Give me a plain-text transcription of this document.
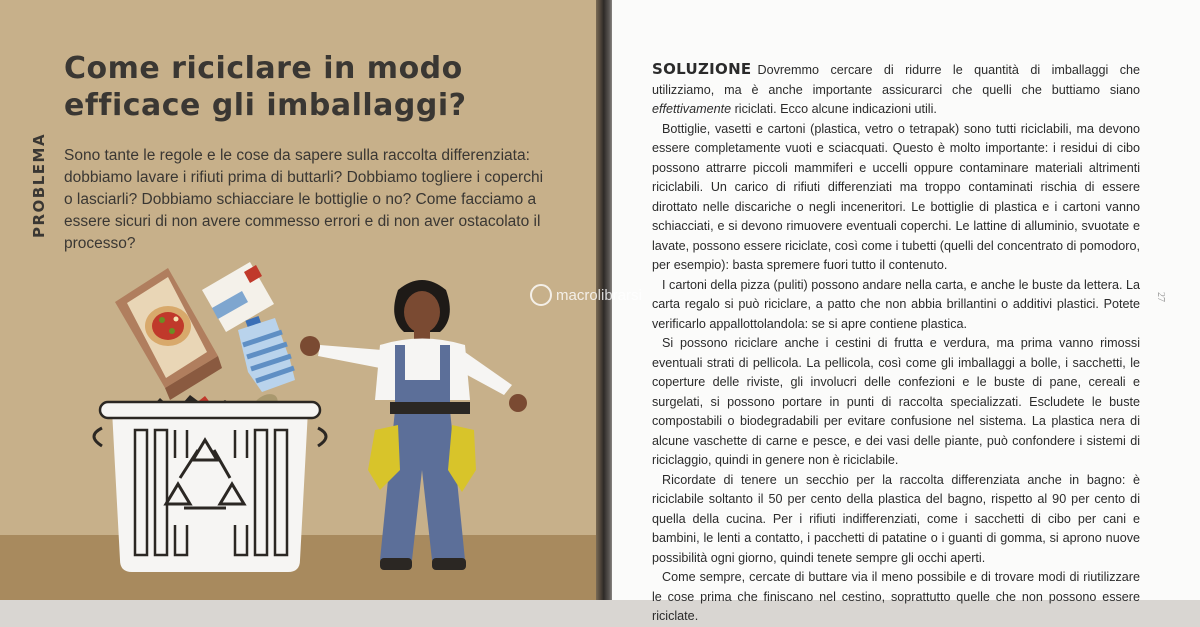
Come riciclare in modo
efficace gli imballaggi?
PROBLEMA Sono tante le regole e le cose da sapere sulla raccolta differenziata: dobbiamo lavare i rifiuti prima di buttarli? Dobbiamo togliere i coperchi o lasciarli? Dobbiamo schiacciare le bottiglie o no? Come facciamo a essere sicuri di non avere commesso errori e di non aver ostacolato il processo?

SOLUZIONE Dovremmo cercare di ridurre le quantità di imballaggi che utilizziamo, ma è anche importante assicurarci che quelli che buttiamo siano effettivamente riciclati. Ecco alcune indicazioni utili.

Bottiglie, vasetti e cartoni (plastica, vetro o tetrapak) sono tutti riciclabili, ma devono essere completamente vuoti e sciacquati. Questo è molto importante: i residui di cibo possono attrarre piccoli mammiferi e uccelli oppure contaminare materiali altrimenti riciclabili. Un carico di rifiuti differenziati ma troppo contaminati rischia di essere dirottato nelle discariche o negli inceneritori. Le bottiglie di plastica e i cartoni vanno schiacciati, e si devono rimuovere eventuali coperchi. Le lattine di alluminio, svuotate e lavate, possono essere riciclate, così come i tubetti (quelli del concentrato di pomodoro, per esempio): basta spremere fuori tutto il contenuto.

I cartoni della pizza (puliti) possono andare nella carta, e anche le buste da lettera. La carta regalo si può riciclare, a patto che non abbia brillantini o additivi plastici. Potete verificarlo appallottolandola: se si apre contiene plastica.

Si possono riciclare anche i cestini di frutta e verdura, ma prima vanno rimossi eventuali strati di pellicola. La pellicola, così come gli imballaggi a bolle, i sacchetti, le coperture delle riviste, gli involucri delle confezioni e le buste di pane, cereali e surgelati, si possono portare in punti di raccolta specializzati. Escludete le buste compostabili o biodegradabili per evitare confusione nel sistema. La plastica nera di alcune vaschette di carne e pesce, e dei vasi delle piante, può confondere i sistemi di riciclaggio, quindi in genere non è riciclabile.

Ricordate di tenere un secchio per la raccolta differenziata anche in bagno: è riciclabile soltanto il 50 per cento della plastica del bagno, rispetto al 90 per cento di quella della cucina. Per i rifiuti indifferenziati, come i sacchetti di cibo per cani e bambini, le lenti a contatto, i pacchetti di patatine o i guanti di gomma, si aprono nuove possibilità ogni giorno, quindi tenete sempre gli occhi aperti.

Come sempre, cercate di buttare via il meno possibile e di trovare modi di riutilizzare le cose prima che finiscano nel cestino, soprattutto quelle che non possono essere riciclate.

macrolibrarsi	27
